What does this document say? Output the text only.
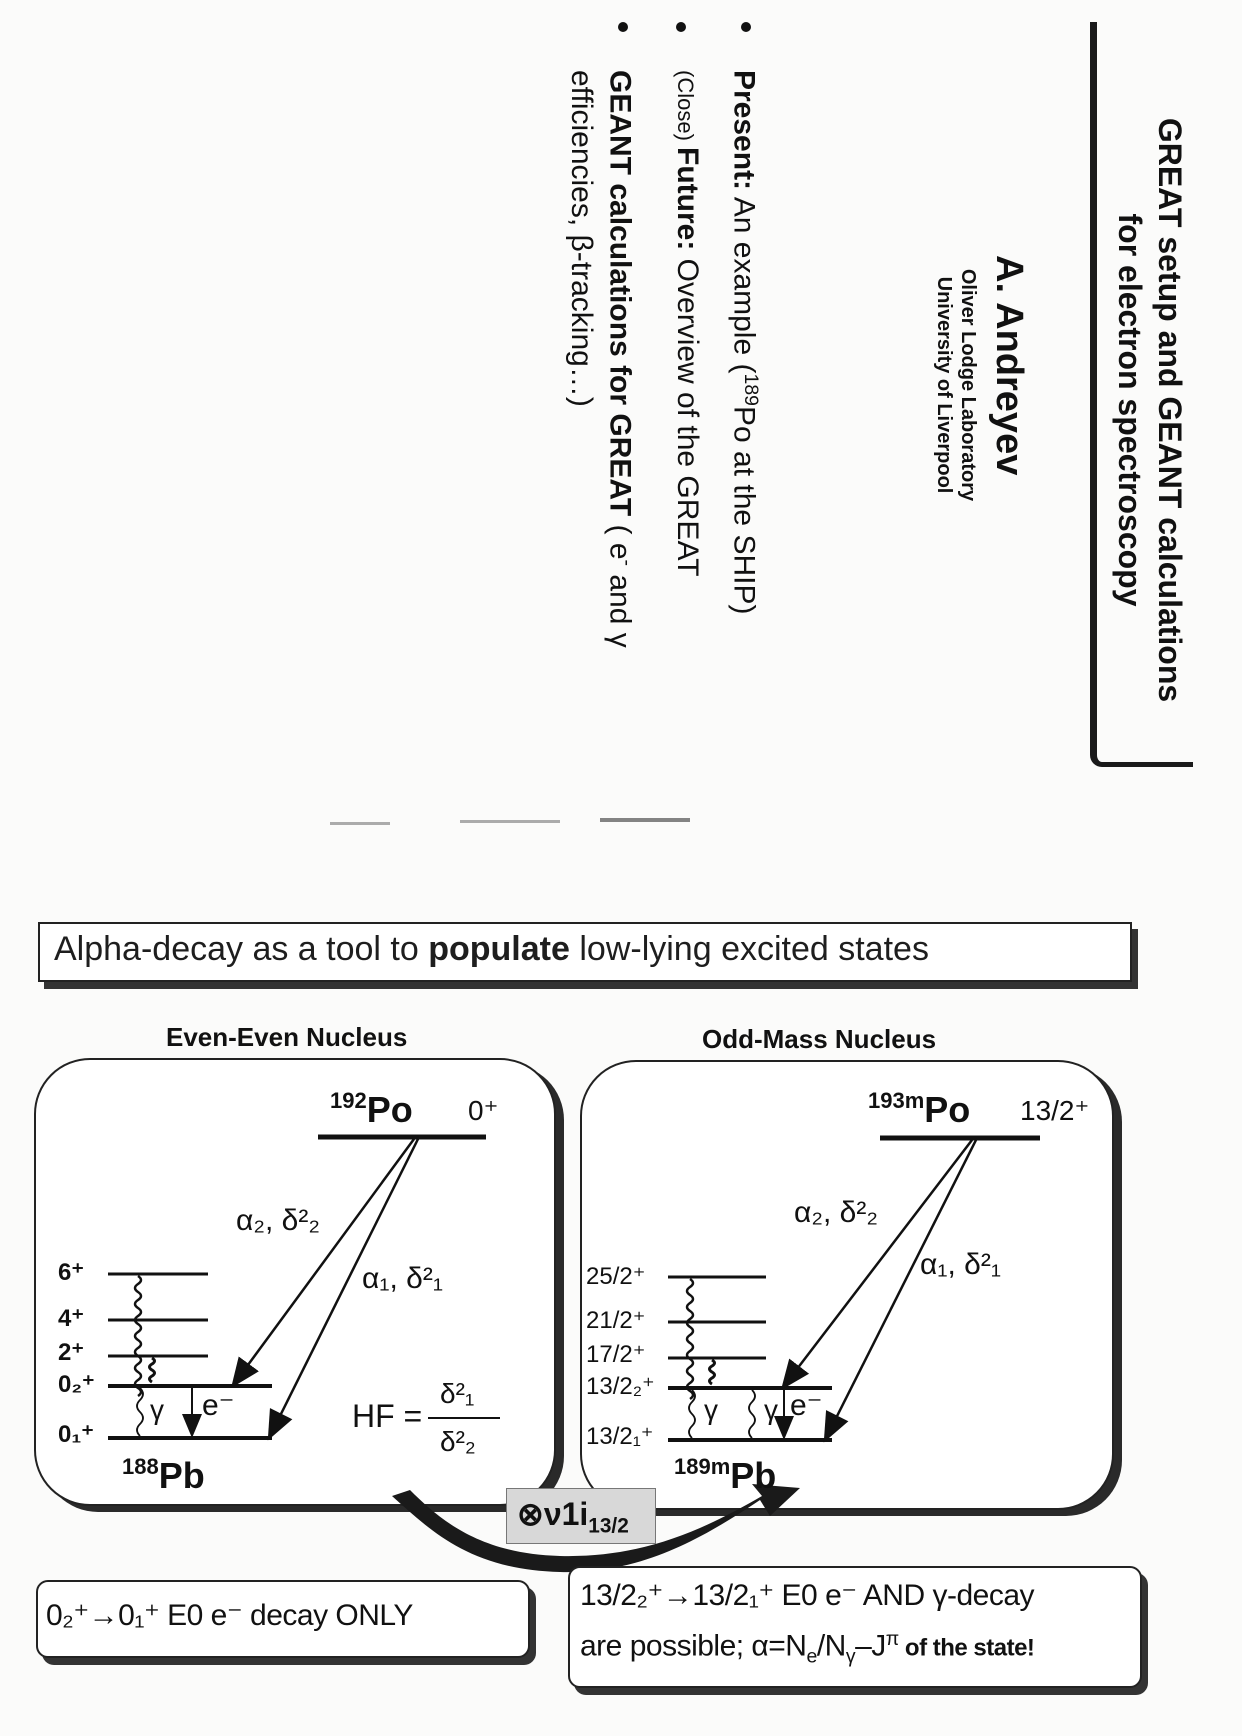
GREAT setup and GEANT calculations
for electron spectroscopy
A. Andreyev
Oliver Lodge Laboratory
University of Liverpool
Present: An example ($^{189}$Po at the SHIP)
(Close) Future: Overview of the GREAT
GEANT calculations for GREAT ( e- and γ
efficiencies, β-tracking…)
Alpha-decay as a tool to populate low-lying excited states
Even-Even Nucleus	Odd-Mass Nucleus
$^{192}$Po 0⁺
α₂, δ²₂
α₁, δ²₁
6⁺
4⁺
2⁺
0₂⁺
0₁⁺
γ e⁻	HF =
δ²₁
δ²₂
$^{188}$Pb
$^{193m}$Po 13/2⁺
α₂, δ²₂
α₁, δ²₁
25/2⁺
21/2⁺
17/2⁺
13/2₂⁺
13/2₁⁺
γ γ e⁻
$^{189m}$Pb
$\otimes\nu 1i_{13/2}$
0₂⁺→0₁⁺ E0 e⁻ decay ONLY
13/2₂⁺→13/2₁⁺ E0 e⁻ AND γ-decay
are possible; $\alpha=N_e/N_\gamma-J^\pi$ of the state!
